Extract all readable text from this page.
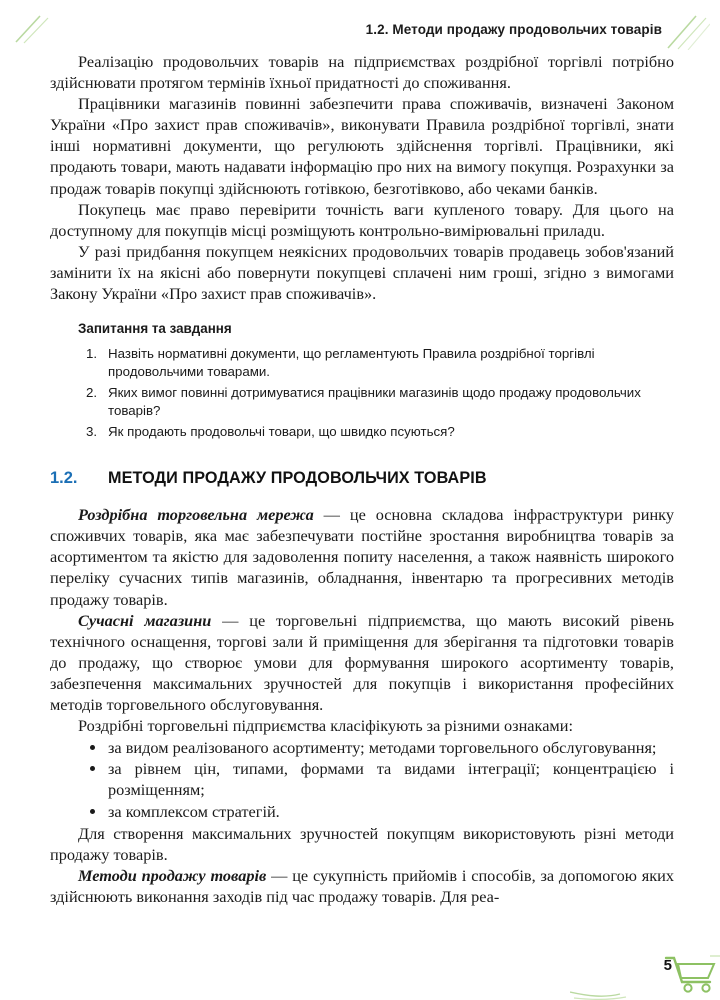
1.2. Методи продажу продовольчих товарів

Реалізацію продовольчих товарів на підприємствах роздрібної торгівлі потрібно здійснювати протягом термінів їхньої придатності до споживання.

Працівники магазинів повинні забезпечити права споживачів, визначені Законом України «Про захист прав споживачів», виконувати Правила роздрібної торгівлі, знати інші нормативні документи, що регулюють здійснення торгівлі. Працівники, які продають товари, мають надавати інформацію про них на вимогу покупця. Розрахунки за продаж товарів покупці здійснюють готівкою, безготівково, або чеками банків.

Покупець має право перевірити точність ваги купленого товару. Для цього на доступному для покупців місці розміщують контрольно-вимірювальні приладu.

У разі придбання покупцем неякісних продовольчих товарів продавець зобов'язаний замінити їх на якісні або повернути покупцеві сплачені ним гроші, згідно з вимогами Закону України «Про захист прав споживачів».

Запитання та завдання
1. Назвіть нормативні документи, що регламентують Правила роздрібної торгівлі продовольчими товарами.
2. Яких вимог повинні дотримуватися працівники магазинів щодо продажу продовольчих товарів?
3. Як продають продовольчі товари, що швидко псуються?
1.2.	МЕТОДИ ПРОДАЖУ ПРОДОВОЛЬЧИХ ТОВАРІВ

Роздрібна торговельна мережа — це основна складова інфраструктури ринку споживчих товарів, яка має забезпечувати постійне зростання виробництва товарів за асортиментом та якістю для задоволення попиту населення, а також наявність широкого переліку сучасних типів магазинів, обладнання, інвентарю та прогресивних методів продажу товарів.

Сучасні магазини — це торговельні підприємства, що мають високий рівень технічного оснащення, торгові зали й приміщення для зберігання та підготовки товарів до продажу, що створює умови для формування широкого асортименту товарів, забезпечення максимальних зручностей для покупців і використання професійних методів торговельного обслуговування.

Роздрібні торговельні підприємства класіфікують за різними ознаками:

за видом реалізованого асортименту; методами торговельного обслуговування;
за рівнем цін, типами, формами та видами інтеграції; концентрацією і розміщенням;
за комплексом стратегій.

Для створення максимальних зручностей покупцям використовують різні методи продажу товарів.

Методи продажу товарів — це сукупність прийомів і способів, за допомогою яких здійснюють виконання заходів під час продажу товарів. Для реа-

5
